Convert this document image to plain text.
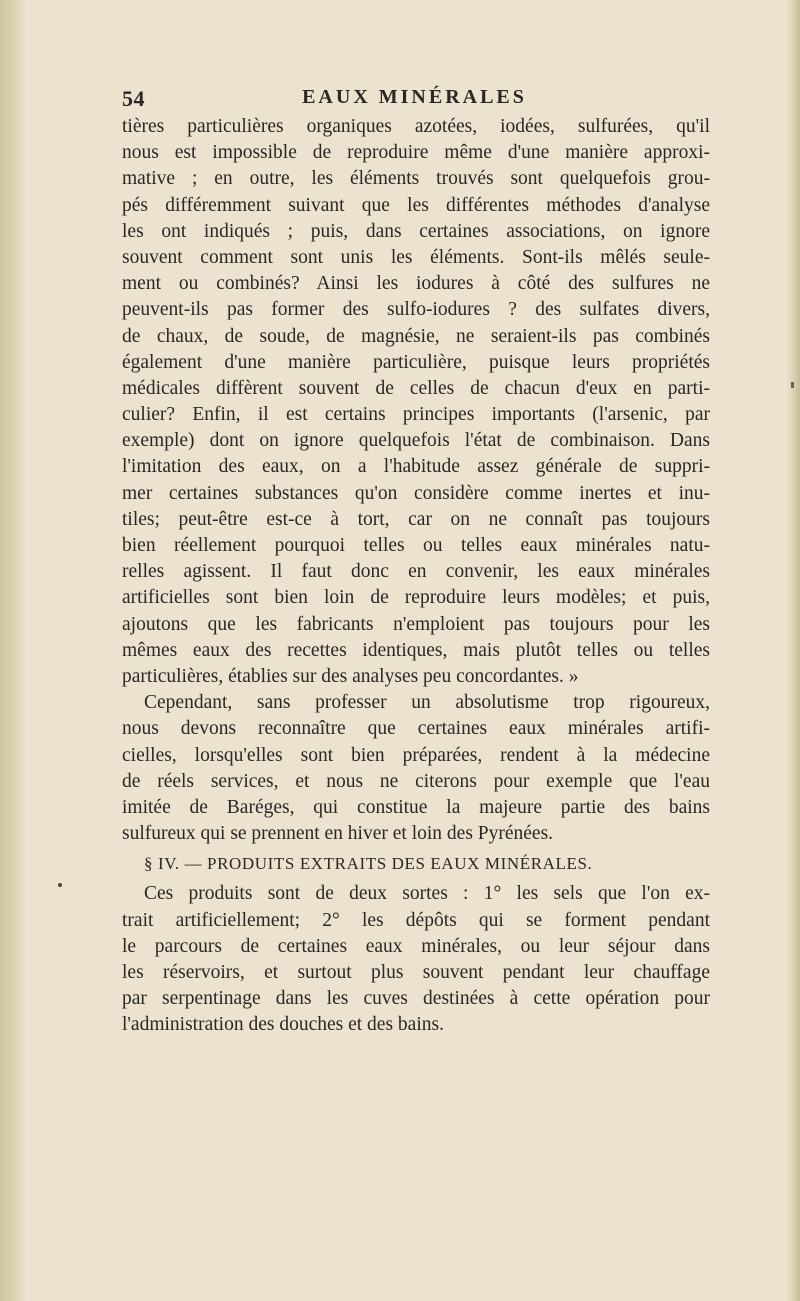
54	EAUX MINÉRALES
tières particulières organiques azotées, iodées, sulfurées, qu'il
nous est impossible de reproduire même d'une manière approxi-
mative ; en outre, les éléments trouvés sont quelquefois grou-
pés différemment suivant que les différentes méthodes d'analyse
les ont indiqués ; puis, dans certaines associations, on ignore
souvent comment sont unis les éléments. Sont-ils mêlés seule-
ment ou combinés? Ainsi les iodures à côté des sulfures ne
peuvent-ils pas former des sulfo-iodures ? des sulfates divers,
de chaux, de soude, de magnésie, ne seraient-ils pas combinés
également d'une manière particulière, puisque leurs propriétés
médicales diffèrent souvent de celles de chacun d'eux en parti-
culier? Enfin, il est certains principes importants (l'arsenic, par
exemple) dont on ignore quelquefois l'état de combinaison. Dans
l'imitation des eaux, on a l'habitude assez générale de suppri-
mer certaines substances qu'on considère comme inertes et inu-
tiles; peut-être est-ce à tort, car on ne connaît pas toujours
bien réellement pourquoi telles ou telles eaux minérales natu-
relles agissent. Il faut donc en convenir, les eaux minérales
artificielles sont bien loin de reproduire leurs modèles; et puis,
ajoutons que les fabricants n'emploient pas toujours pour les
mêmes eaux des recettes identiques, mais plutôt telles ou telles
particulières, établies sur des analyses peu concordantes. »
Cependant, sans professer un absolutisme trop rigoureux,
nous devons reconnaître que certaines eaux minérales artifi-
cielles, lorsqu'elles sont bien préparées, rendent à la médecine
de réels services, et nous ne citerons pour exemple que l'eau
imitée de Baréges, qui constitue la majeure partie des bains
sulfureux qui se prennent en hiver et loin des Pyrénées.
§ IV. — PRODUITS EXTRAITS DES EAUX MINÉRALES.
Ces produits sont de deux sortes : 1° les sels que l'on ex-
trait artificiellement; 2° les dépôts qui se forment pendant
le parcours de certaines eaux minérales, ou leur séjour dans
les réservoirs, et surtout plus souvent pendant leur chauffage
par serpentinage dans les cuves destinées à cette opération pour
l'administration des douches et des bains.
